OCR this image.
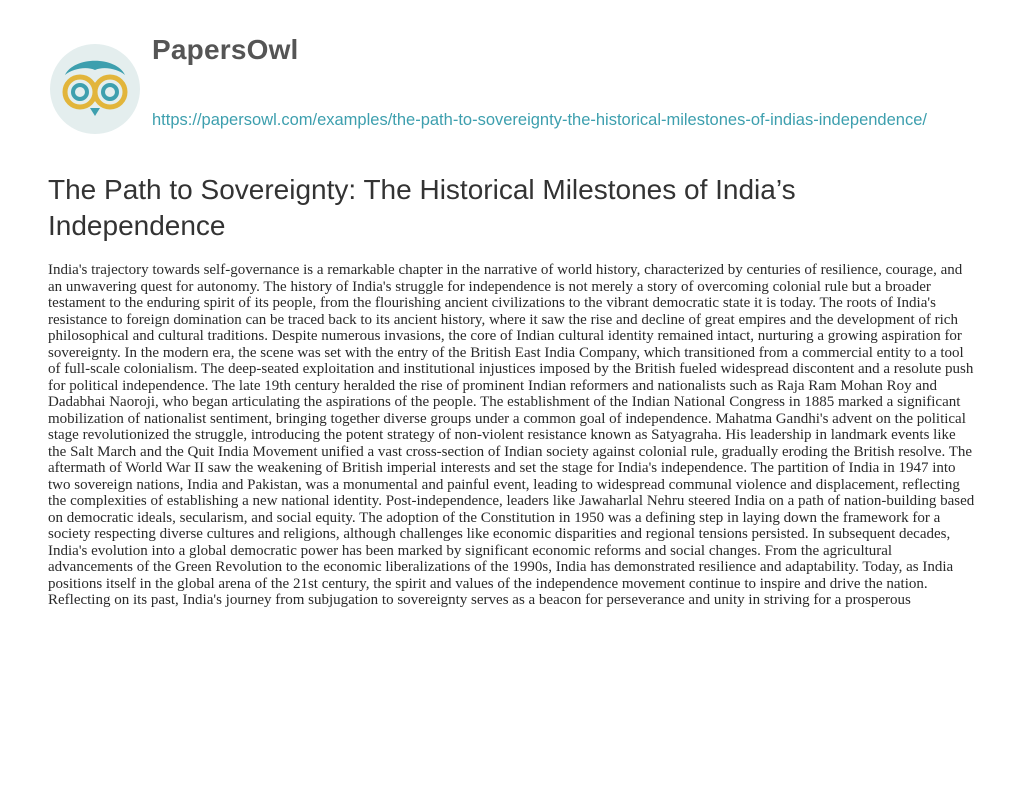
PapersOwl
https://papersowl.com/examples/the-path-to-sovereignty-the-historical-milestones-of-indias-independence/
The Path to Sovereignty: The Historical Milestones of India’s Independence

India's trajectory towards self-governance is a remarkable chapter in the narrative of world history, characterized by centuries of resilience, courage, and an unwavering quest for autonomy. The history of India's struggle for independence is not merely a story of overcoming colonial rule but a broader testament to the enduring spirit of its people, from the flourishing ancient civilizations to the vibrant democratic state it is today. The roots of India's resistance to foreign domination can be traced back to its ancient history, where it saw the rise and decline of great empires and the development of rich philosophical and cultural traditions. Despite numerous invasions, the core of Indian cultural identity remained intact, nurturing a growing aspiration for sovereignty. In the modern era, the scene was set with the entry of the British East India Company, which transitioned from a commercial entity to a tool of full-scale colonialism. The deep-seated exploitation and institutional injustices imposed by the British fueled widespread discontent and a resolute push for political independence. The late 19th century heralded the rise of prominent Indian reformers and nationalists such as Raja Ram Mohan Roy and Dadabhai Naoroji, who began articulating the aspirations of the people. The establishment of the Indian National Congress in 1885 marked a significant mobilization of nationalist sentiment, bringing together diverse groups under a common goal of independence. Mahatma Gandhi's advent on the political stage revolutionized the struggle, introducing the potent strategy of non-violent resistance known as Satyagraha. His leadership in landmark events like the Salt March and the Quit India Movement unified a vast cross-section of Indian society against colonial rule, gradually eroding the British resolve. The aftermath of World War II saw the weakening of British imperial interests and set the stage for India's independence. The partition of India in 1947 into two sovereign nations, India and Pakistan, was a monumental and painful event, leading to widespread communal violence and displacement, reflecting the complexities of establishing a new national identity. Post-independence, leaders like Jawaharlal Nehru steered India on a path of nation-building based on democratic ideals, secularism, and social equity. The adoption of the Constitution in 1950 was a defining step in laying down the framework for a society respecting diverse cultures and religions, although challenges like economic disparities and regional tensions persisted. In subsequent decades, India's evolution into a global democratic power has been marked by significant economic reforms and social changes. From the agricultural advancements of the Green Revolution to the economic liberalizations of the 1990s, India has demonstrated resilience and adaptability. Today, as India positions itself in the global arena of the 21st century, the spirit and values of the independence movement continue to inspire and drive the nation. Reflecting on its past, India's journey from subjugation to sovereignty serves as a beacon for perseverance and unity in striving for a prosperous
